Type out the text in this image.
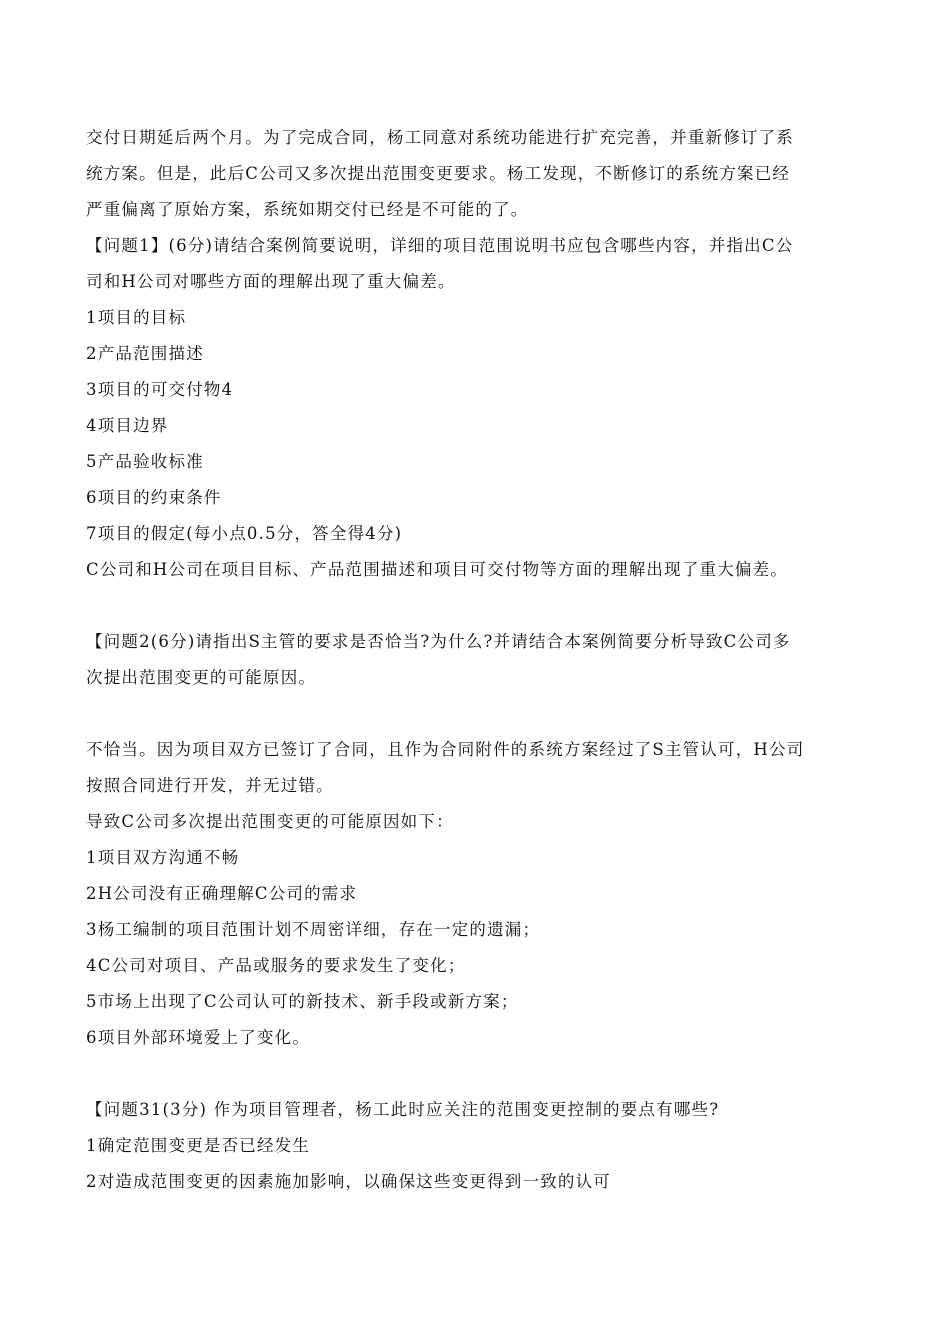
交付日期延后两个月。为了完成合同，杨工同意对系统功能进行扩充完善，并重新修订了系
统方案。但是，此后C公司又多次提出范围变更要求。杨工发现，不断修订的系统方案已经
严重偏离了原始方案，系统如期交付已经是不可能的了。
【问题1】(6分)请结合案例简要说明，详细的项目范围说明书应包含哪些内容，并指出C公
司和H公司对哪些方面的理解出现了重大偏差。
1项目的目标
2产品范围描述
3项目的可交付物4
4项目边界
5产品验收标准
6项目的约束条件
7项目的假定(每小点0.5分，答全得4分)
C公司和H公司在项目目标、产品范围描述和项目可交付物等方面的理解出现了重大偏差。
【问题2(6分)请指出S主管的要求是否恰当?为什么?并请结合本案例简要分析导致C公司多
次提出范围变更的可能原因。
不恰当。因为项目双方已签订了合同，且作为合同附件的系统方案经过了S主管认可，H公司
按照合同进行开发，并无过错。
导致C公司多次提出范围变更的可能原因如下：
1项目双方沟通不畅
2H公司没有正确理解C公司的需求
3杨工编制的项目范围计划不周密详细，存在一定的遗漏；
4C公司对项目、产品或服务的要求发生了变化；
5市场上出现了C公司认可的新技术、新手段或新方案；
6项目外部环境爱上了变化。
【问题31(3分) 作为项目管理者，杨工此时应关注的范围变更控制的要点有哪些?
1确定范围变更是否已经发生
2对造成范围变更的因素施加影响，以确保这些变更得到一致的认可
